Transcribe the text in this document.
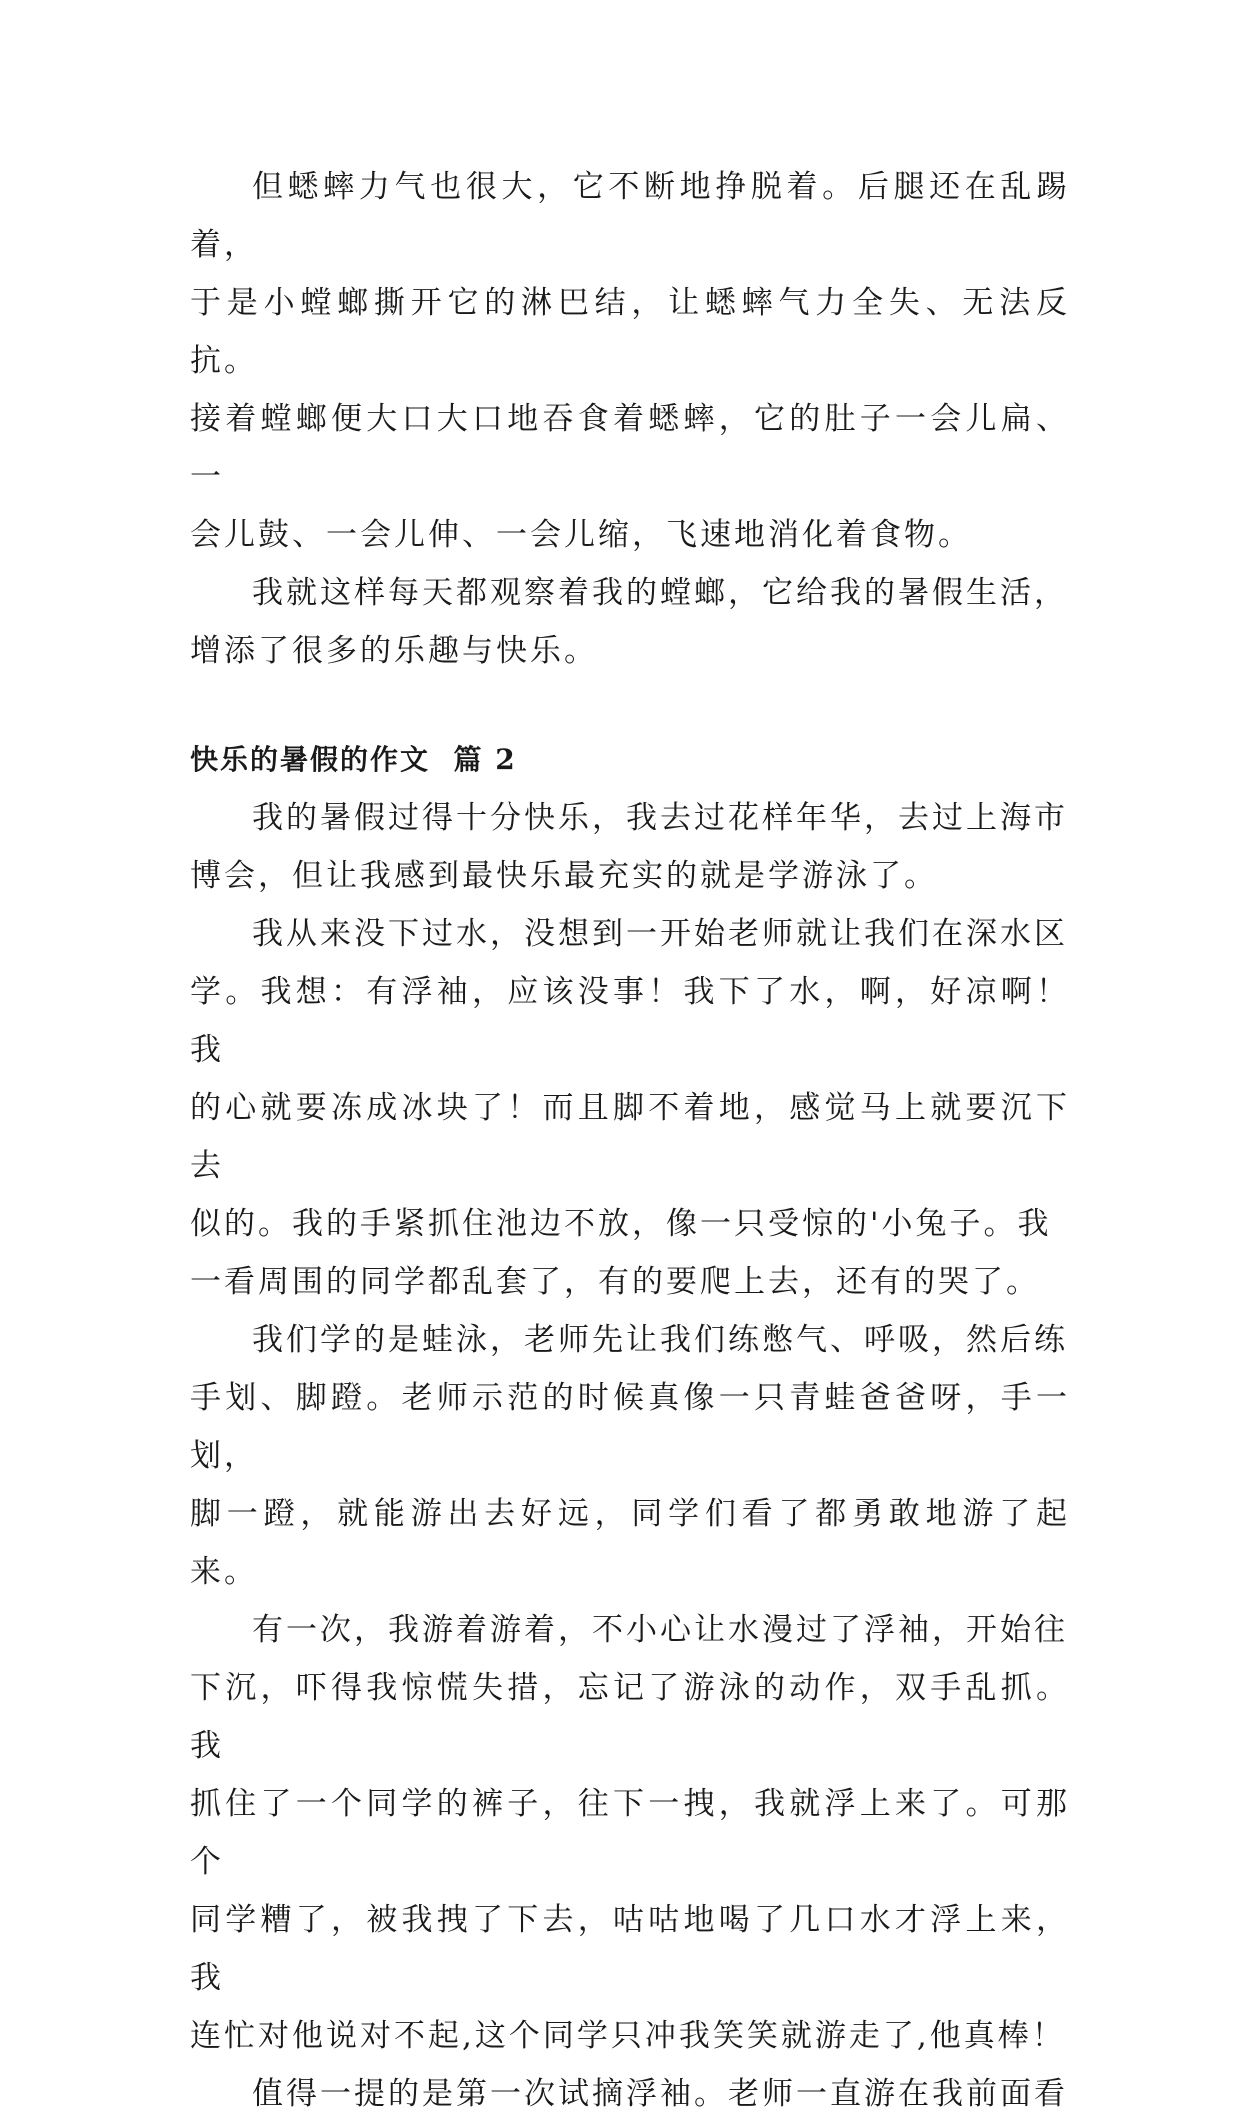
但蟋蟀力气也很大，它不断地挣脱着。后腿还在乱踢着，
于是小螳螂撕开它的淋巴结，让蟋蟀气力全失、无法反抗。
接着螳螂便大口大口地吞食着蟋蟀，它的肚子一会儿扁、一
会儿鼓、一会儿伸、一会儿缩，飞速地消化着食物。

我就这样每天都观察着我的螳螂，它给我的暑假生活，
增添了很多的乐趣与快乐。

快乐的暑假的作文  篇 2

我的暑假过得十分快乐，我去过花样年华，去过上海市
博会，但让我感到最快乐最充实的就是学游泳了。

我从来没下过水，没想到一开始老师就让我们在深水区
学。我想：有浮袖，应该没事！我下了水，啊，好凉啊！我
的心就要冻成冰块了！而且脚不着地，感觉马上就要沉下去
似的。我的手紧抓住池边不放，像一只受惊的'小兔子。我
一看周围的同学都乱套了，有的要爬上去，还有的哭了。

我们学的是蛙泳，老师先让我们练憋气、呼吸，然后练
手划、脚蹬。老师示范的时候真像一只青蛙爸爸呀，手一划，
脚一蹬，就能游出去好远，同学们看了都勇敢地游了起来。

有一次，我游着游着，不小心让水漫过了浮袖，开始往
下沉，吓得我惊慌失措，忘记了游泳的动作，双手乱抓。我
抓住了一个同学的裤子，往下一拽，我就浮上来了。可那个
同学糟了，被我拽了下去，咕咕地喝了几口水才浮上来，我
连忙对他说对不起,这个同学只冲我笑笑就游走了,他真棒！

值得一提的是第一次试摘浮袖。老师一直游在我前面看
